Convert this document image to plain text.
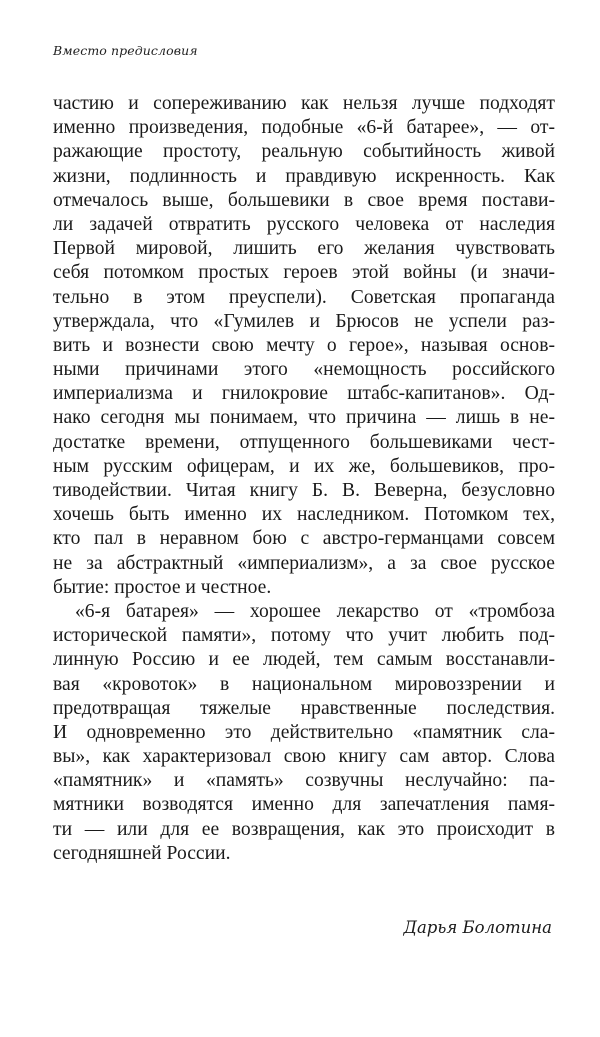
Вместо предисловия
частию и сопереживанию как нельзя лучше подходят
именно произведения, подобные «6-й батарее», — от-
ражающие простоту, реальную событийность живой
жизни, подлинность и правдивую искренность. Как
отмечалось выше, большевики в свое время постави-
ли задачей отвратить русского человека от наследия
Первой мировой, лишить его желания чувствовать
себя потомком простых героев этой войны (и значи-
тельно в этом преуспели). Советская пропаганда
утверждала, что «Гумилев и Брюсов не успели раз-
вить и вознести свою мечту о герое», называя основ-
ными причинами этого «немощность российского
империализма и гнилокровие штабс-капитанов». Од-
нако сегодня мы понимаем, что причина — лишь в не-
достатке времени, отпущенного большевиками чест-
ным русским офицерам, и их же, большевиков, про-
тиводействии. Читая книгу Б. В. Веверна, безусловно
хочешь быть именно их наследником. Потомком тех,
кто пал в неравном бою с австро-германцами совсем
не за абстрактный «империализм», а за свое русское
бытие: простое и честное.
«6-я батарея» — хорошее лекарство от «тромбоза
исторической памяти», потому что учит любить под-
линную Россию и ее людей, тем самым восстанавли-
вая «кровоток» в национальном мировоззрении и
предотвращая тяжелые нравственные последствия.
И одновременно это действительно «памятник сла-
вы», как характеризовал свою книгу сам автор. Слова
«памятник» и «память» созвучны неслучайно: па-
мятники возводятся именно для запечатления памя-
ти — или для ее возвращения, как это происходит в
сегодняшней России.
Дарья Болотина
